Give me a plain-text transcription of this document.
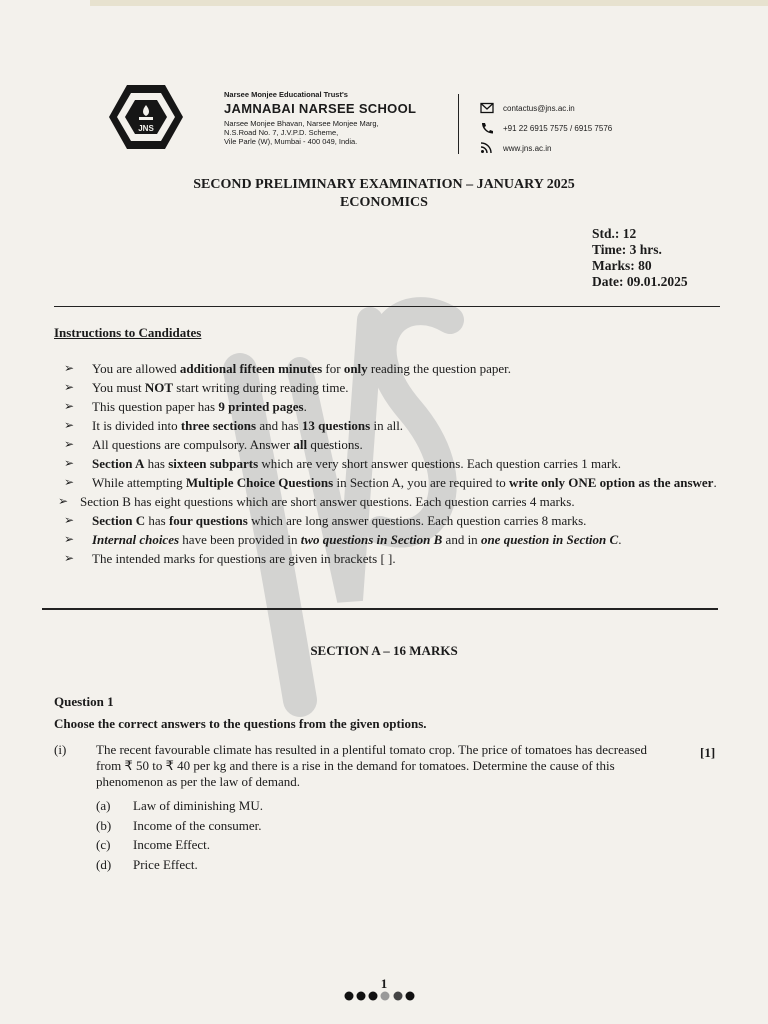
JNS
Narsee Monjee Educational Trust's
JAMNABAI NARSEE SCHOOL
Narsee Monjee Bhavan, Narsee Monjee Marg,
N.S.Road No. 7, J.V.P.D. Scheme,
Vile Parle (W), Mumbai - 400 049, India.
contactus@jns.ac.in
+91 22 6915 7575 / 6915 7576
www.jns.ac.in
SECOND PRELIMINARY EXAMINATION – JANUARY 2025
ECONOMICS
Std.: 12
Time: 3 hrs.
Marks: 80
Date: 09.01.2025
Instructions to Candidates
➢ You are allowed additional fifteen minutes for only reading the question paper.
➢ You must NOT start writing during reading time.
➢ This question paper has 9 printed pages.
➢ It is divided into three sections and has 13 questions in all.
➢ All questions are compulsory. Answer all questions.
➢ Section A has sixteen subparts which are very short answer questions. Each question carries 1 mark.
➢ While attempting Multiple Choice Questions in Section A, you are required to write only ONE option as the answer.
➢ Section B has eight questions which are short answer questions. Each question carries 4 marks.
➢ Section C has four questions which are long answer questions. Each question carries 8 marks.
➢ Internal choices have been provided in two questions in Section B and in one question in Section C.
➢ The intended marks for questions are given in brackets [ ].
SECTION A – 16 MARKS
Question 1
Choose the correct answers to the questions from the given options.
(i) The recent favourable climate has resulted in a plentiful tomato crop. The price of tomatoes has decreased from ₹ 50 to ₹ 40 per kg and there is a rise in the demand for tomatoes. Determine the cause of this phenomenon as per the law of demand.
[1]
(a)	Law of diminishing MU.
(b)	Income of the consumer.
(c)	Income Effect.
(d)	Price Effect.
1
